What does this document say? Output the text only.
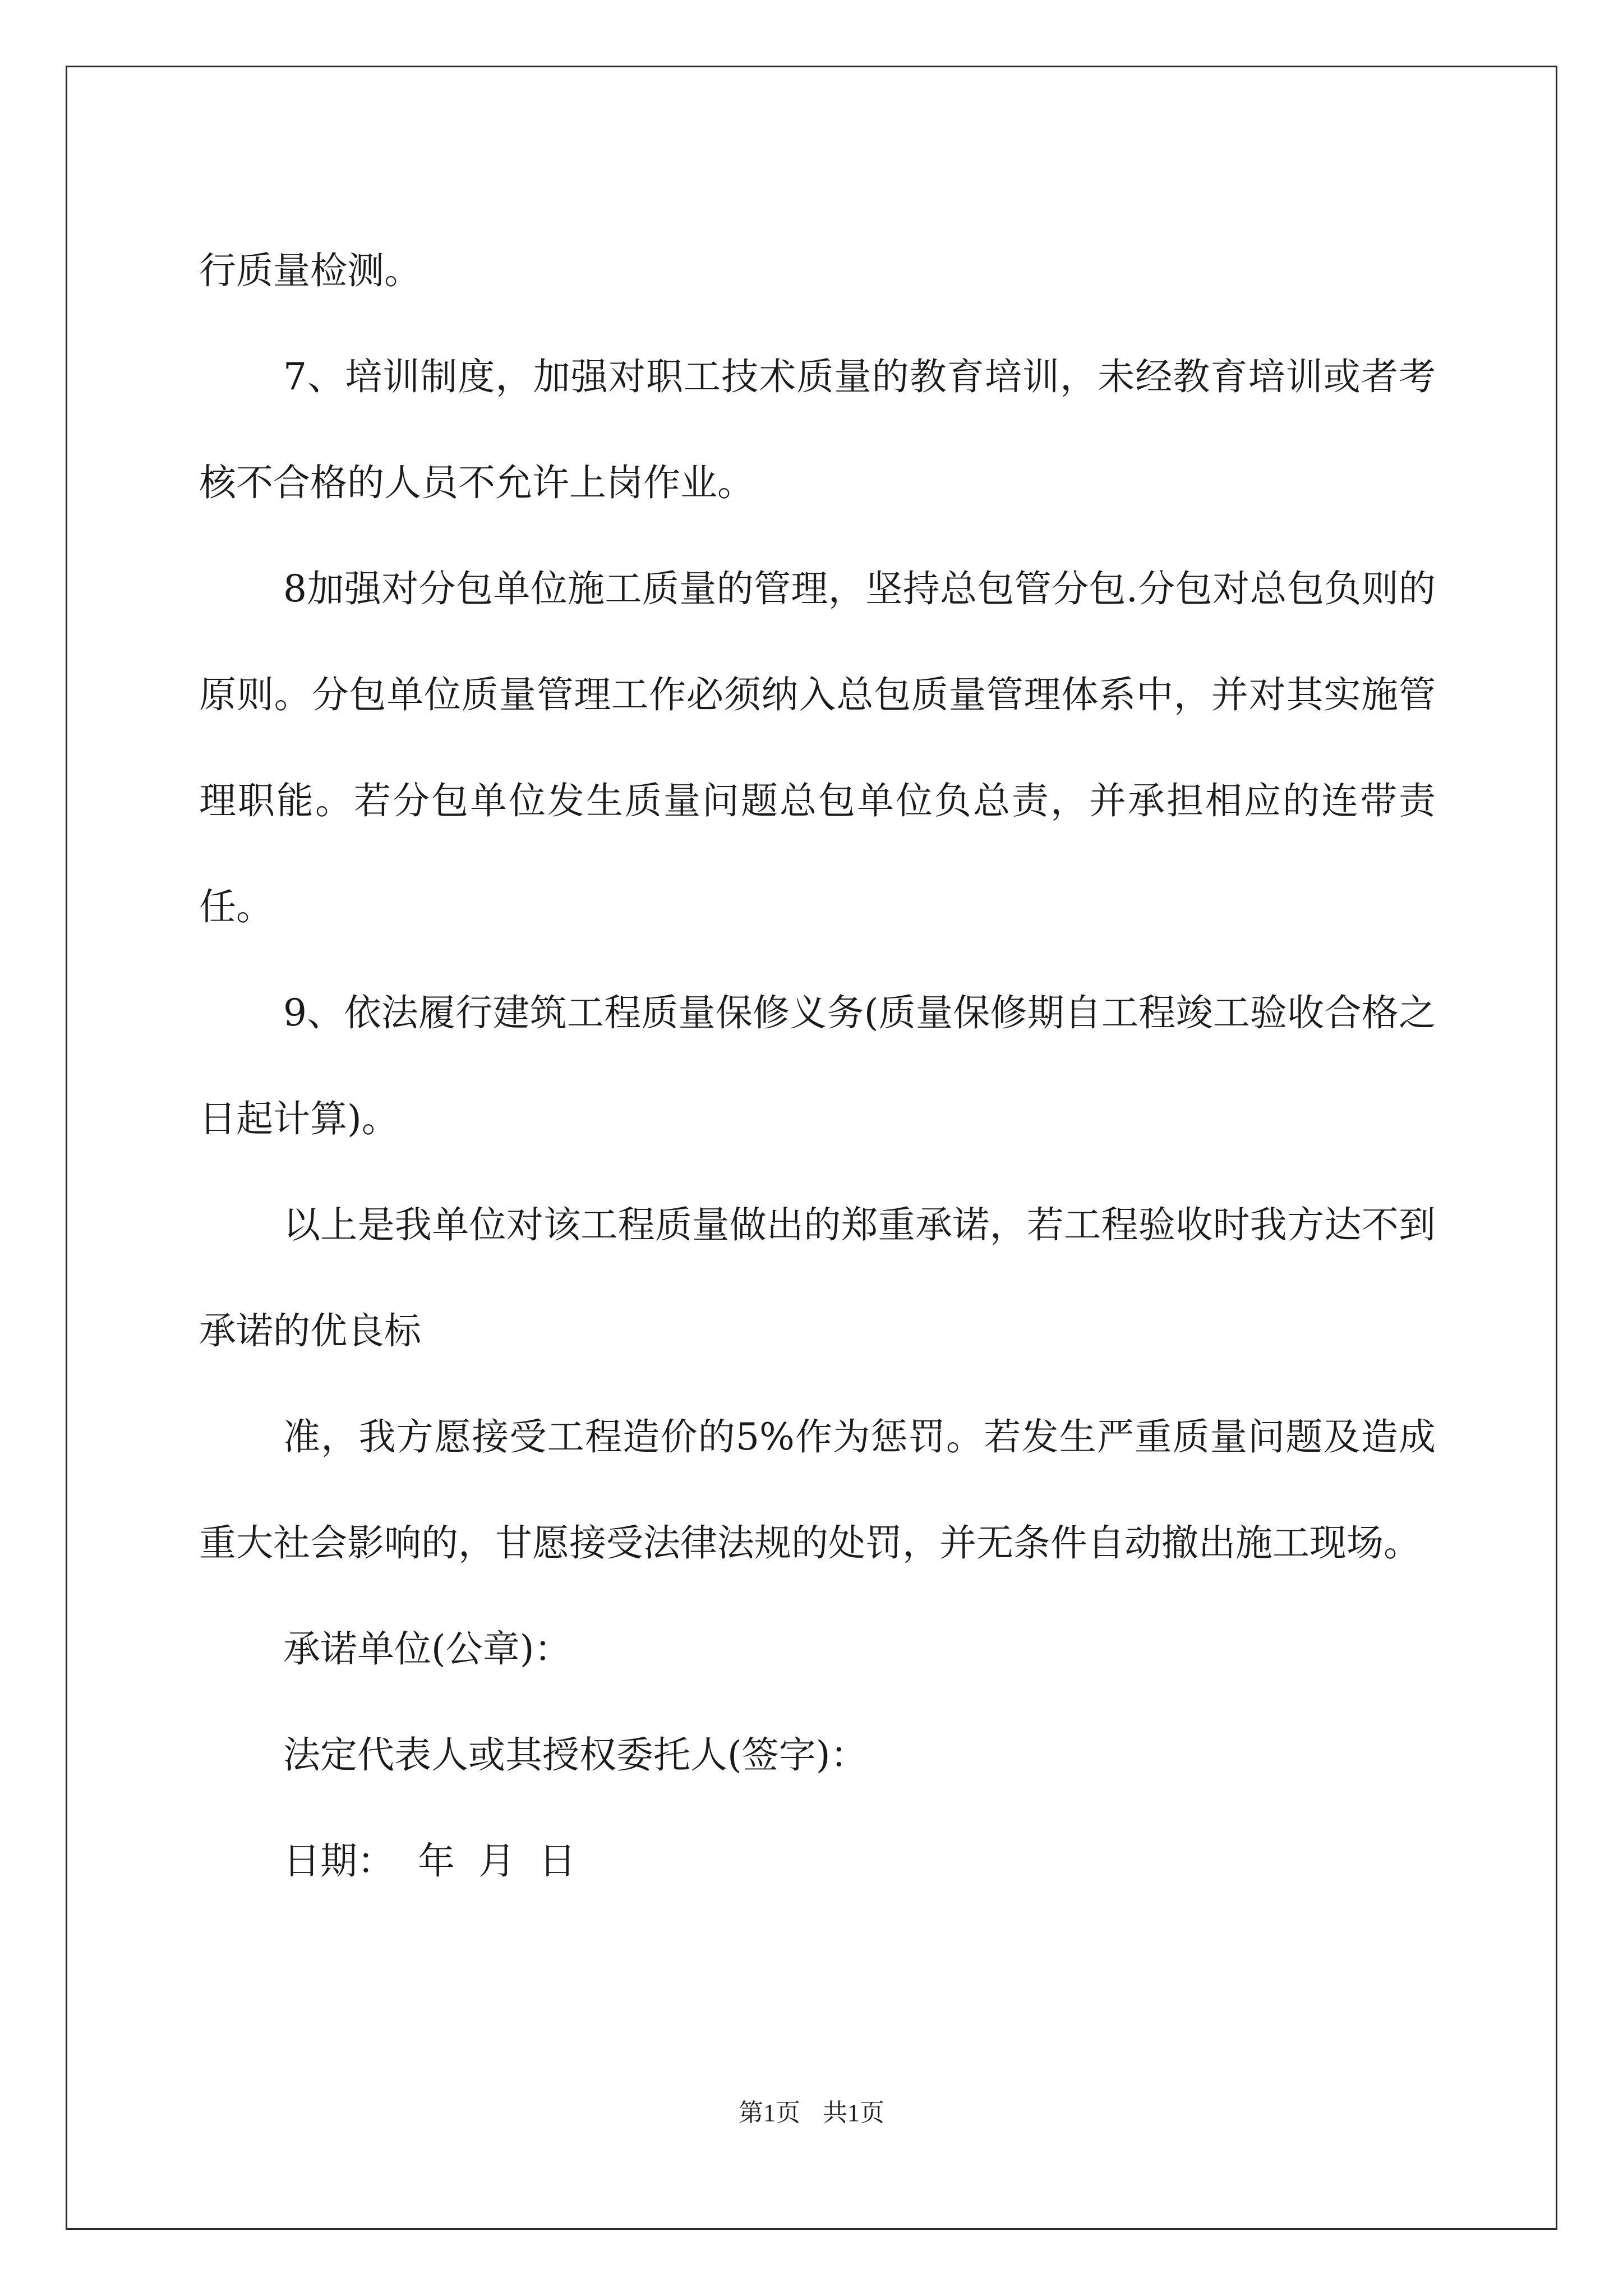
行质量检测。

7、培训制度，加强对职工技术质量的教育培训，未经教育培训或者考核不合格的人员不允许上岗作业。

8加强对分包单位施工质量的管理，坚持总包管分包.分包对总包负则的原则。分包单位质量管理工作必须纳入总包质量管理体系中，并对其实施管理职能。若分包单位发生质量问题总包单位负总责，并承担相应的连带责任。

9、依法履行建筑工程质量保修义务(质量保修期自工程竣工验收合格之日起计算)。

以上是我单位对该工程质量做出的郑重承诺，若工程验收时我方达不到承诺的优良标

准，我方愿接受工程造价的5%作为惩罚。若发生严重质量问题及造成重大社会影响的，甘愿接受法律法规的处罚，并无条件自动撤出施工现场。

承诺单位(公章)：

法定代表人或其授权委托人(签字)：

日期：  年  月  日

第1页 共1页
